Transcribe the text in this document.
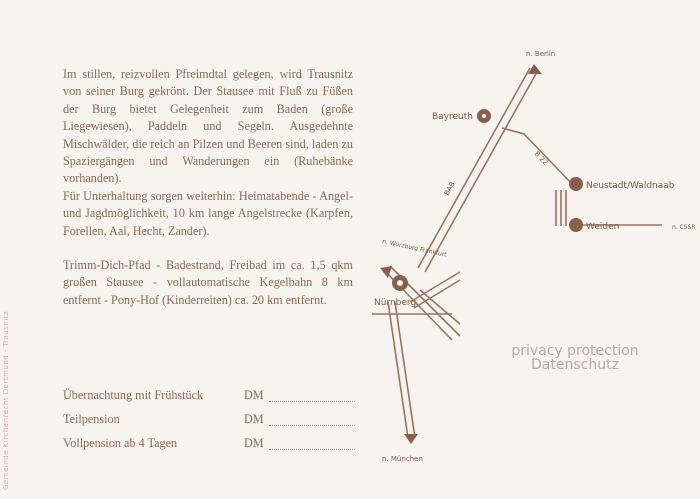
Gemeinde Kirchenrecht Dortmund · Trausnitz

Im stillen, reizvollen Pfreimdtal gelegen, wird Trausnitz von seiner Burg gekrönt. Der Stausee mit Fluß zu Füßen der Burg bietet Gelegenheit zum Baden (große Liegewiesen), Paddeln und Segeln. Ausgedehnte Mischwälder, die reich an Pilzen und Beeren sind, laden zu Spaziergängen und Wanderungen ein (Ruhebänke vorhanden).

Für Unterhaltung sorgen weiterhin: Heimatabende - Angel- und Jagdmöglichkeit, 10 km lange Angelstrecke (Karpfen, Forellen, Aal, Hecht, Zander).

Trimm-Dich-Pfad - Badestrand, Freibad im ca. 1,5 qkm großen Stausee - vollautomatische Kegelbahn 8 km entfernt - Pony-Hof (Kinderreiten) ca. 20 km entfernt.

Übernachtung mit Frühstück	DM
Teilpension	DM
Vollpension ab 4 Tagen	DM
n. Berlin
Bayreuth
B 22
Neustadt/Waldnaab
Weiden	n. CSSR
BAB
n. Würzburg Frankfurt
Nürnberg
n. München
privacy protection
Datenschutz
